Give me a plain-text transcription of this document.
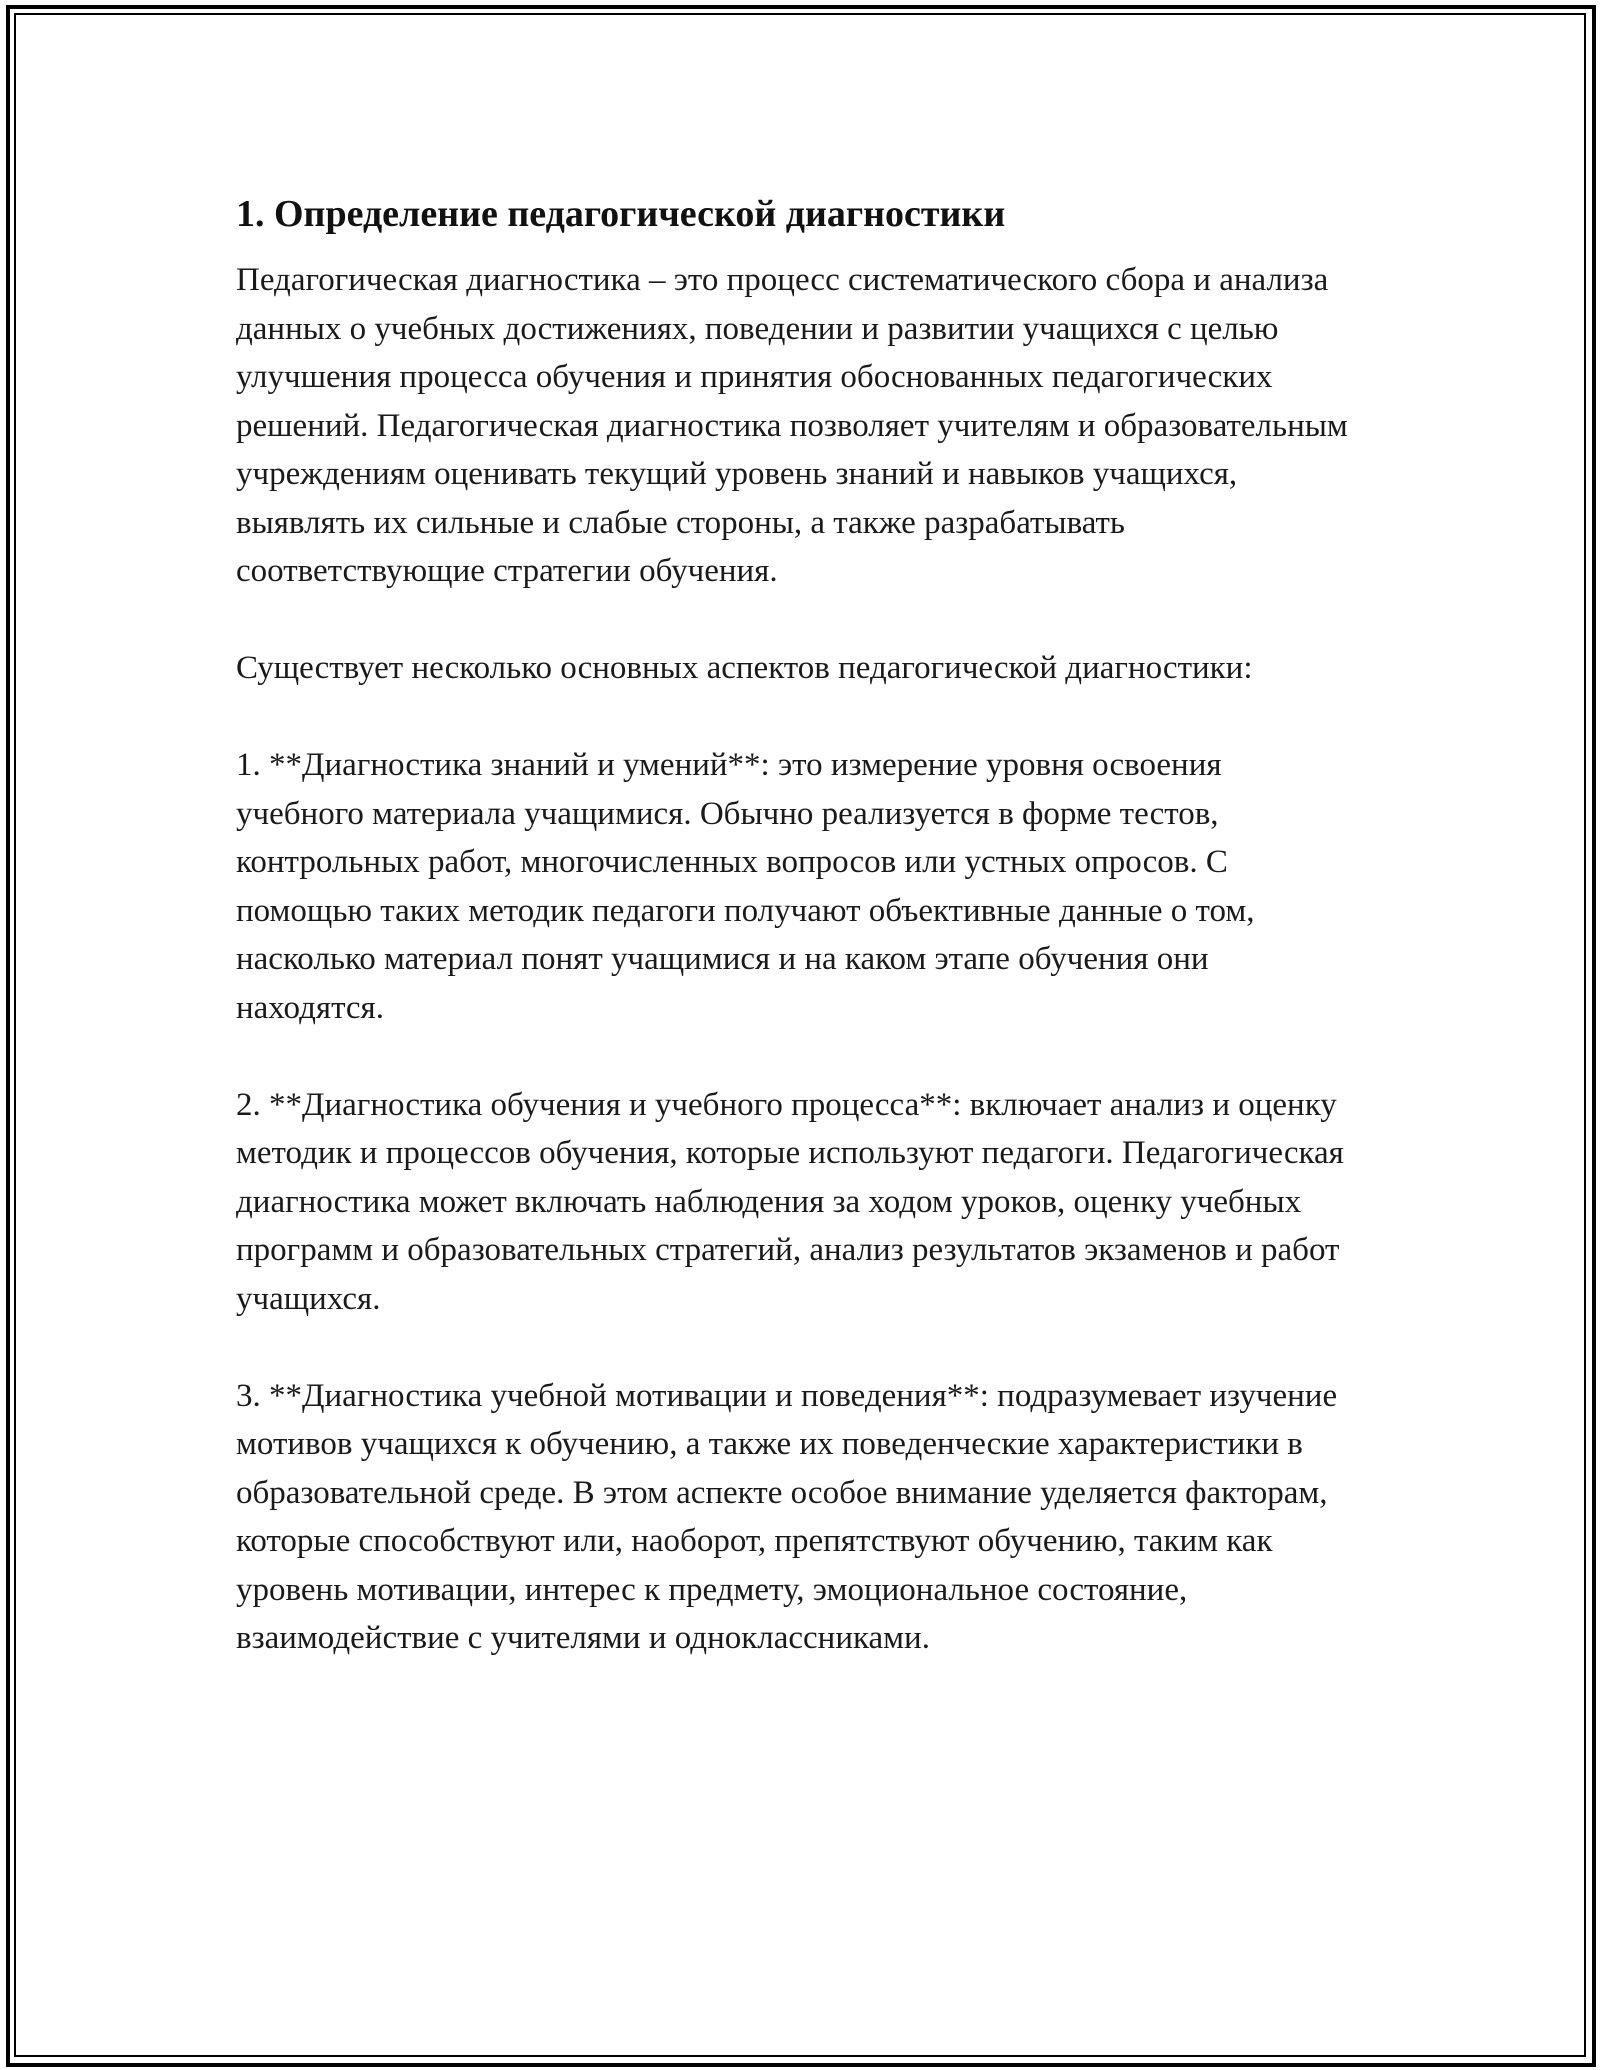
1. Определение педагогической диагностики

Педагогическая диагностика – это процесс систематического сбора и анализа данных о учебных достижениях, поведении и развитии учащихся с целью улучшения процесса обучения и принятия обоснованных педагогических решений. Педагогическая диагностика позволяет учителям и образовательным учреждениям оценивать текущий уровень знаний и навыков учащихся, выявлять их сильные и слабые стороны, а также разрабатывать соответствующие стратегии обучения.

Существует несколько основных аспектов педагогической диагностики:

1. **Диагностика знаний и умений**: это измерение уровня освоения учебного материала учащимися. Обычно реализуется в форме тестов, контрольных работ, многочисленных вопросов или устных опросов. С помощью таких методик педагоги получают объективные данные о том, насколько материал понят учащимися и на каком этапе обучения они находятся.

2. **Диагностика обучения и учебного процесса**: включает анализ и оценку методик и процессов обучения, которые используют педагоги. Педагогическая диагностика может включать наблюдения за ходом уроков, оценку учебных программ и образовательных стратегий, анализ результатов экзаменов и работ учащихся.

3. **Диагностика учебной мотивации и поведения**: подразумевает изучение мотивов учащихся к обучению, а также их поведенческие характеристики в образовательной среде. В этом аспекте особое внимание уделяется факторам, которые способствуют или, наоборот, препятствуют обучению, таким как уровень мотивации, интерес к предмету, эмоциональное состояние, взаимодействие с учителями и одноклассниками.
